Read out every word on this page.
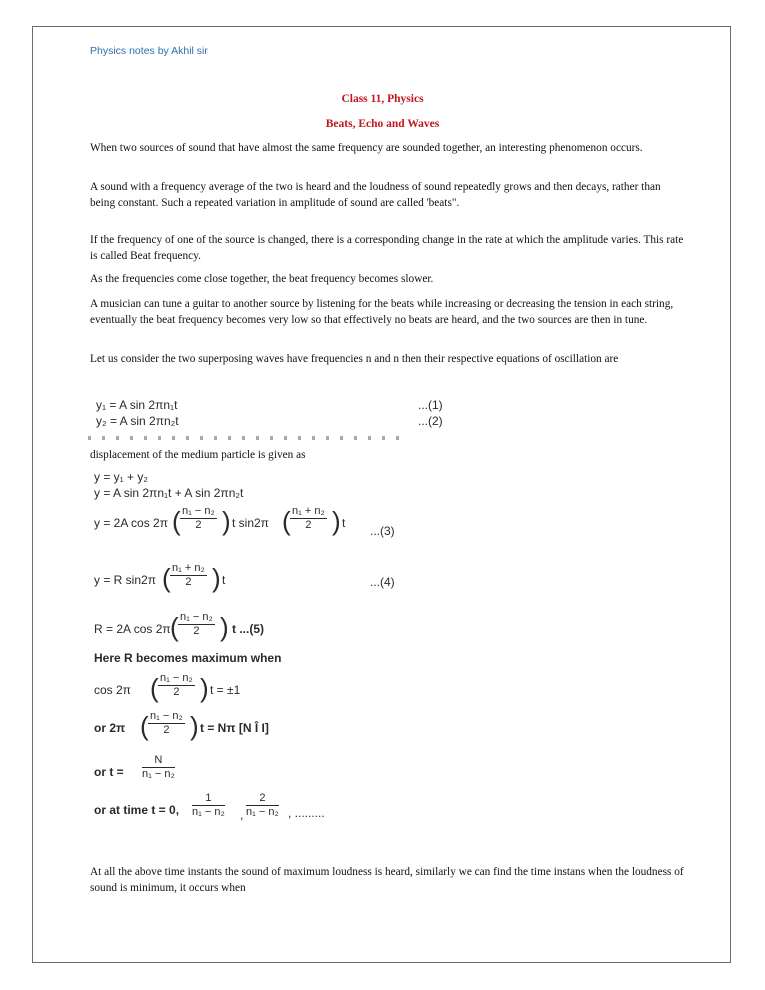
Physics notes by Akhil sir
Class 11, Physics
Beats, Echo and Waves
When two sources of sound that have almost the same frequency are sounded together, an interesting phenomenon occurs.
A sound with a frequency average of the two is heard and the loudness of sound repeatedly grows and then decays, rather than being constant. Such a repeated variation in amplitude of sound are called 'beats".
If the frequency of one of the source is changed, there is a corresponding change in the rate at which the amplitude varies. This rate is called Beat frequency.
As the frequencies come close together, the beat frequency becomes slower.
A musician can tune a guitar to another source by listening for the beats while increasing or decreasing the tension in each string, eventually the beat frequency becomes very low so that effectively no beats are heard, and the two sources are then in tune.
Let us consider the two superposing waves have frequencies n and n then their respective equations of oscillation are
y₁ = A sin 2πn₁t	...(1)
y₂ = A sin 2πn₂t	...(2)
displacement of the medium particle is given as
y = y₁ + y₂
y = A sin 2πn₁t + A sin 2πn₂t
y = 2A cos 2π ( $\frac{\text{n₁ − n₂}}{2}$ ) t sin2π ( $\frac{\text{n₁ + n₂}}{2}$ ) t
...(3)
y = R sin2π ( $\frac{\text{n₁ + n₂}}{2}$ ) t	...(4)
R = 2A cos 2π ( $\frac{\text{n₁ − n₂}}{2}$ ) t ...(5)
Here R becomes maximum when
cos 2π ( $\frac{\text{n₁ − n₂}}{2}$ ) t = ±1
or 2π ( $\frac{\text{n₁ − n₂}}{2}$ ) t = Nπ [N Î I]
or $t = \frac{N}{\text{n₁ − n₂}}$
or at time t = 0, $\frac{1}{\text{n₁ − n₂}}$ , $\frac{2}{\text{n₁ − n₂}}$ , .........
At all the above time instants the sound of maximum loudness is heard, similarly we can find the time instans when the loudness of sound is minimum, it occurs when
